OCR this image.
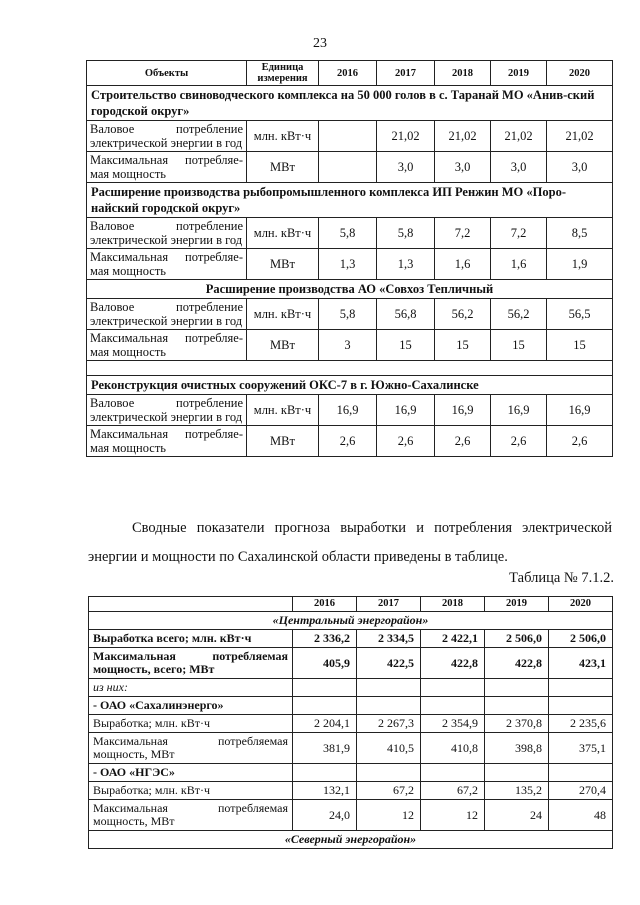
23
Объекты	Единица измерения	2016	2017	2018	2019	2020
Строительство свиноводческого комплекса на 50 000 голов в с. Таранай МО «Анив-ский городской округ»						
Валовое потребление электрической энергии в год	млн. кВт·ч		21,02	21,02	21,02	21,02
Максимальная потребляе-мая мощность	МВт		3,0	3,0	3,0	3,0
Расширение производства рыбопромышленного комплекса ИП Ренжин МО «Поро-найский городской округ»						
Валовое потребление электрической энергии в год	млн. кВт·ч	5,8	5,8	7,2	7,2	8,5
Максимальная потребляе-мая мощность	МВт	1,3	1,3	1,6	1,6	1,9
Расширение производства АО «Совхоз Тепличный						
Валовое потребление электрической энергии в год	млн. кВт·ч	5,8	56,8	56,2	56,2	56,5
Максимальная потребляе-мая мощность	МВт	3	15	15	15	15

Реконструкция очистных сооружений ОКС-7 в г. Южно-Сахалинске						
Валовое потребление электрической энергии в год	млн. кВт·ч	16,9	16,9	16,9	16,9	16,9
Максимальная потребляе-мая мощность	МВт	2,6	2,6	2,6	2,6	2,6
Сводные показатели прогноза выработки и потребления электрической энергии и мощности по Сахалинской области приведены в таблице.
Таблица № 7.1.2.
	2016	2017	2018	2019	2020
«Центральный энергорайон»					
Выработка всего; млн. кВт·ч	2 336,2	2 334,5	2 422,1	2 506,0	2 506,0
Максимальная потребляемая мощность, всего; МВт	405,9	422,5	422,8	422,8	423,1
из них:					
- ОАО «Сахалинэнерго»					
Выработка; млн. кВт·ч	2 204,1	2 267,3	2 354,9	2 370,8	2 235,6
Максимальная потребляемая мощность, МВт	381,9	410,5	410,8	398,8	375,1
- ОАО «НГЭС»					
Выработка; млн. кВт·ч	132,1	67,2	67,2	135,2	270,4
Максимальная потребляемая мощность, МВт	24,0	12	12	24	48
«Северный энергорайон»					
